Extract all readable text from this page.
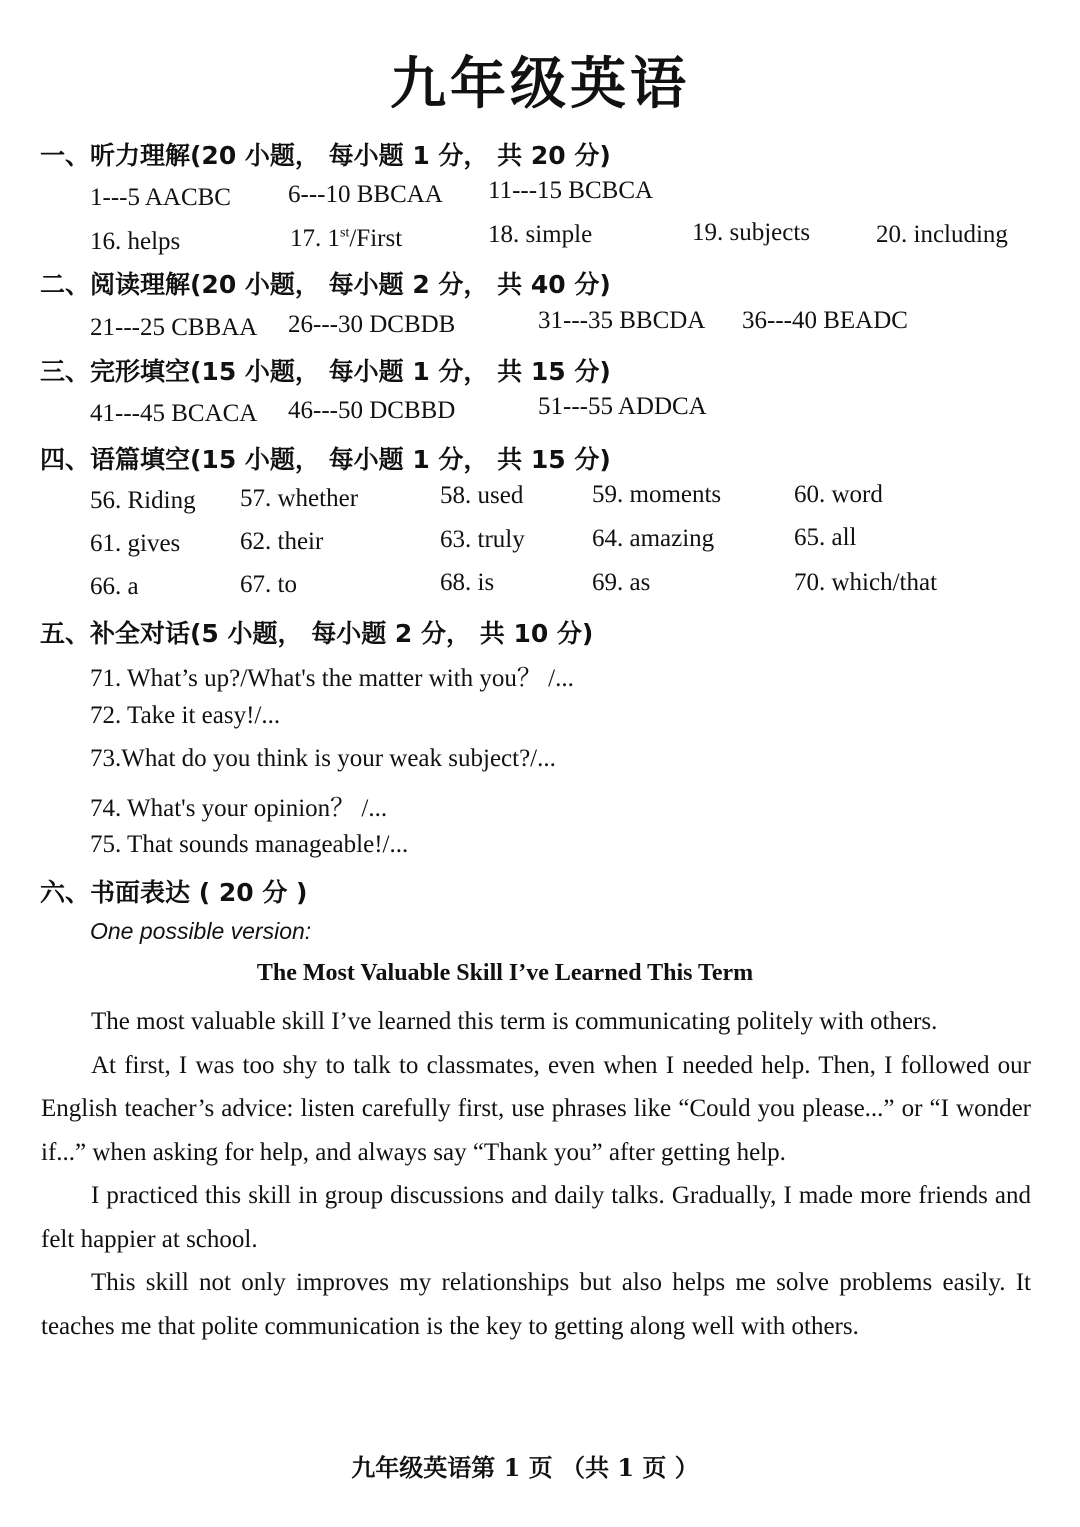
九年级英语
一、听力理解(20 小题， 每小题 1 分， 共 20 分)
1---5 AACBC 6---10 BBCAA 11---15 BCBCA
16. helps	17. 1st/First	18. simple	19. subjects	20. including
二、阅读理解(20 小题， 每小题 2 分， 共 40 分)
21---25 CBBAA 26---30 DCBDB	31---35 BBCDA 36---40 BEADC
三、完形填空(15 小题， 每小题 1 分， 共 15 分)
41---45 BCACA 46---50 DCBBD	51---55 ADDCA
四、语篇填空(15 小题， 每小题 1 分， 共 15 分)
56. Riding 57. whether	58. used	59. moments	60. word
61. gives 62. their	63. truly	64. amazing	65. all
66. a	67. to	68. is	69. as	70. which/that
五、补全对话(5 小题， 每小题 2 分， 共 10 分)
71. What’s up?/What's the matter with you？ /...
72. Take it easy!/...
73.What do you think is your weak subject?/...
74. What's your opinion？ /...
75. That sounds manageable!/...
六、书面表达 ( 20 分 )
One possible version:
The Most Valuable Skill I’ve Learned This Term

The most valuable skill I’ve learned this term is communicating politely with others.

At first, I was too shy to talk to classmates, even when I needed help. Then, I followed our English teacher’s advice: listen carefully first, use phrases like “Could you please...” or “I wonder if...” when asking for help, and always say “Thank you” after getting help.

I practiced this skill in group discussions and daily talks. Gradually, I made more friends and felt happier at school.

This skill not only improves my relationships but also helps me solve problems easily. It teaches me that polite communication is the key to getting along well with others.

九年级英语第 1 页 （共 1 页 ）
